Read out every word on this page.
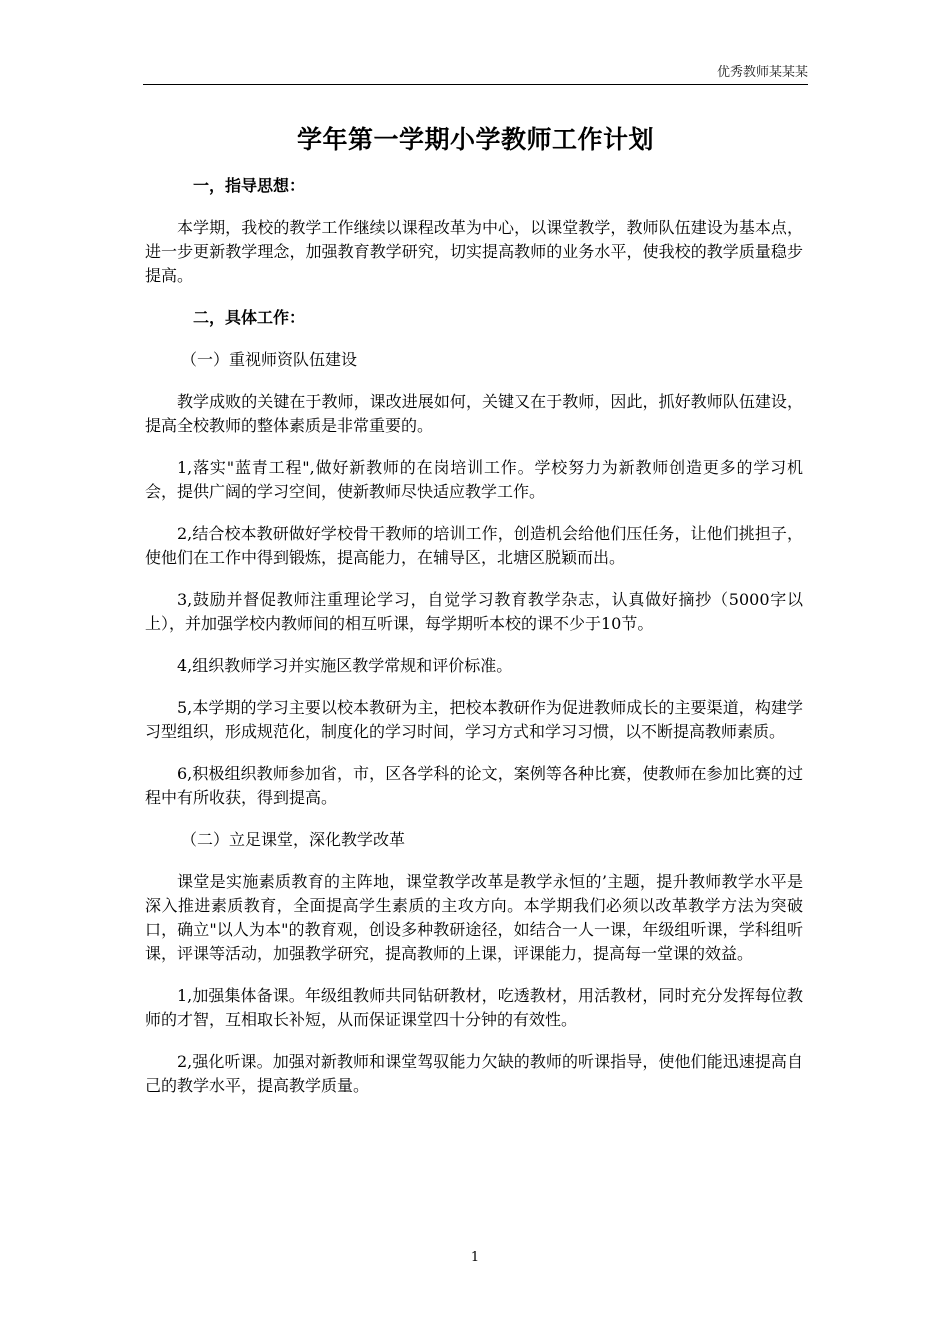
优秀教师某某某
学年第一学期小学教师工作计划
一，指导思想：

本学期，我校的教学工作继续以课程改革为中心，以课堂教学，教师队伍建设为基本点，进一步更新教学理念，加强教育教学研究，切实提高教师的业务水平，使我校的教学质量稳步提高。

二，具体工作：
（一）重视师资队伍建设

教学成败的关键在于教师，课改进展如何，关键又在于教师，因此，抓好教师队伍建设，提高全校教师的整体素质是非常重要的。

1,落实"蓝青工程",做好新教师的在岗培训工作。学校努力为新教师创造更多的学习机会，提供广阔的学习空间，使新教师尽快适应教学工作。

2,结合校本教研做好学校骨干教师的培训工作，创造机会给他们压任务，让他们挑担子，使他们在工作中得到锻炼，提高能力，在辅导区，北塘区脱颖而出。

3,鼓励并督促教师注重理论学习，自觉学习教育教学杂志，认真做好摘抄（5000字以上），并加强学校内教师间的相互听课，每学期听本校的课不少于10节。

4,组织教师学习并实施区教学常规和评价标准。

5,本学期的学习主要以校本教研为主，把校本教研作为促进教师成长的主要渠道，构建学习型组织，形成规范化，制度化的学习时间，学习方式和学习习惯，以不断提高教师素质。

6,积极组织教师参加省，市，区各学科的论文，案例等各种比赛，使教师在参加比赛的过程中有所收获，得到提高。

（二）立足课堂，深化教学改革

课堂是实施素质教育的主阵地，课堂教学改革是教学永恒的’主题，提升教师教学水平是深入推进素质教育，全面提高学生素质的主攻方向。本学期我们必须以改革教学方法为突破口，确立"以人为本"的教育观，创设多种教研途径，如结合一人一课，年级组听课，学科组听课，评课等活动，加强教学研究，提高教师的上课，评课能力，提高每一堂课的效益。

1,加强集体备课。年级组教师共同钻研教材，吃透教材，用活教材，同时充分发挥每位教师的才智，互相取长补短，从而保证课堂四十分钟的有效性。

2,强化听课。加强对新教师和课堂驾驭能力欠缺的教师的听课指导，使他们能迅速提高自己的教学水平，提高教学质量。

1
